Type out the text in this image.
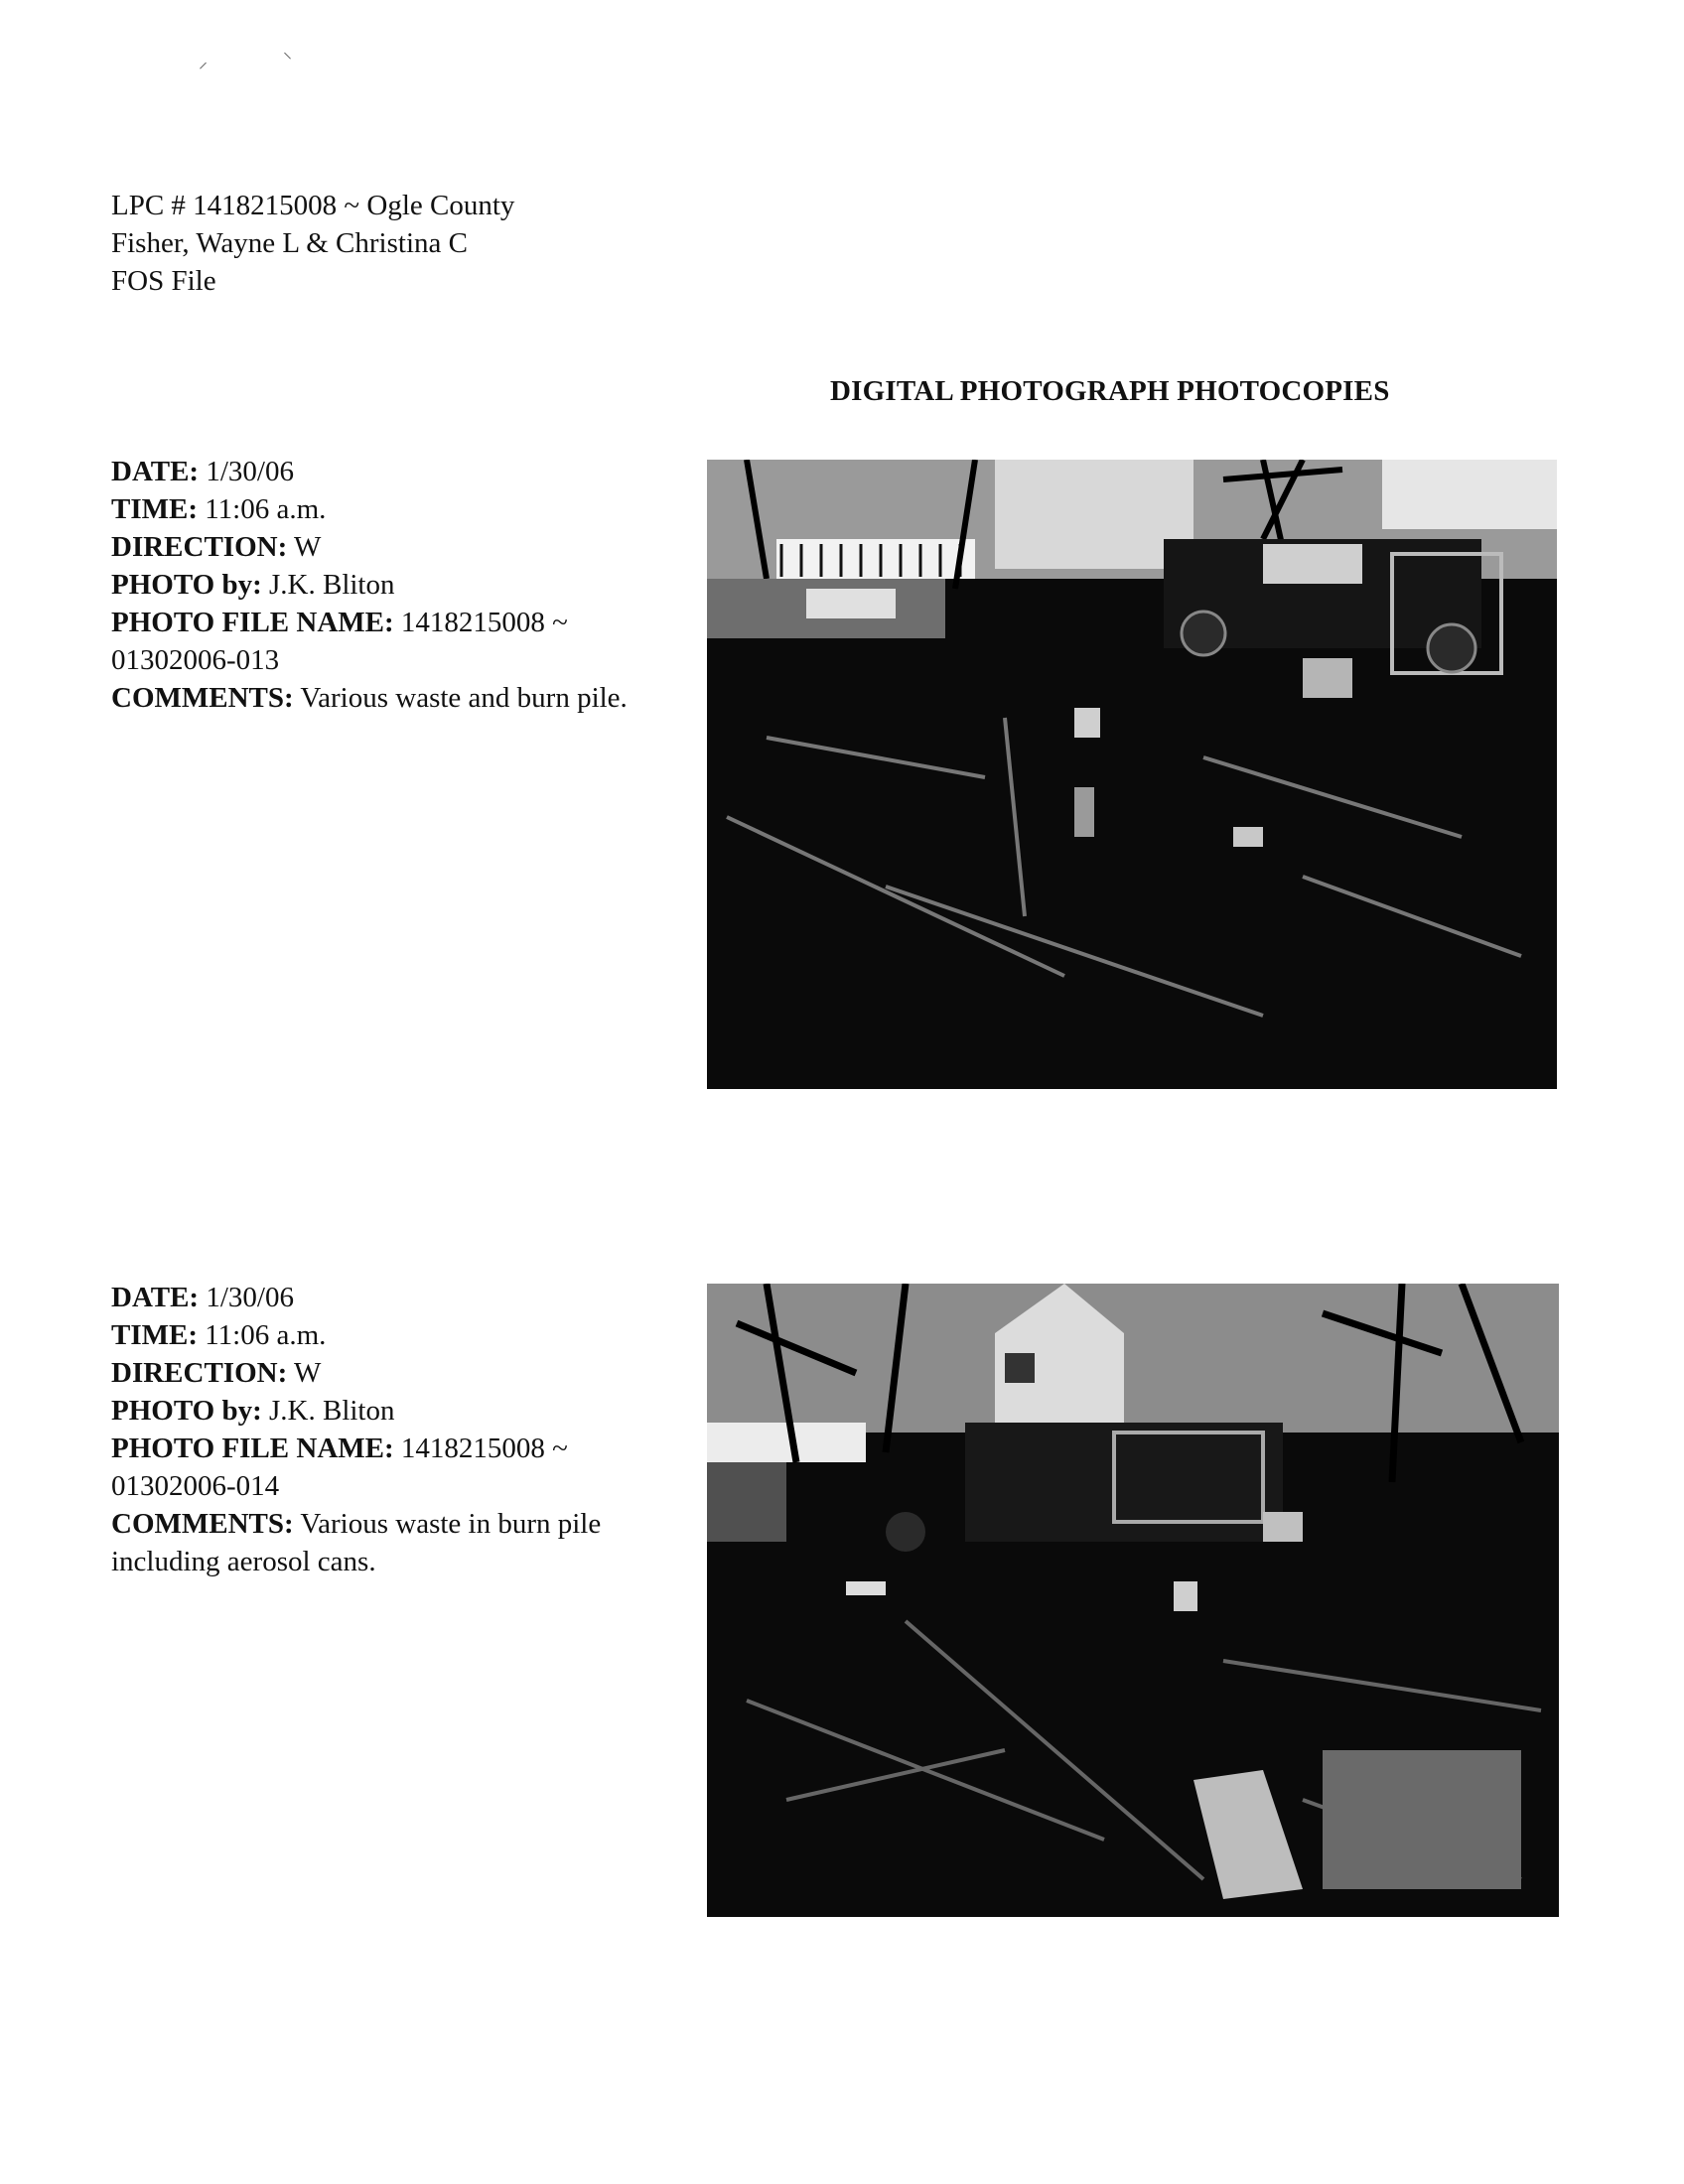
⸝	⸜
LPC # 1418215008 ~ Ogle County
Fisher, Wayne L & Christina C
FOS File
DIGITAL PHOTOGRAPH PHOTOCOPIES
DATE: 1/30/06
TIME: 11:06 a.m.
DIRECTION: W
PHOTO by: J.K. Bliton
PHOTO FILE NAME: 1418215008 ~
01302006-013
COMMENTS: Various waste and burn pile.
DATE: 1/30/06
TIME: 11:06 a.m.
DIRECTION: W
PHOTO by: J.K. Bliton
PHOTO FILE NAME: 1418215008 ~
01302006-014
COMMENTS: Various waste in burn pile including aerosol cans.
